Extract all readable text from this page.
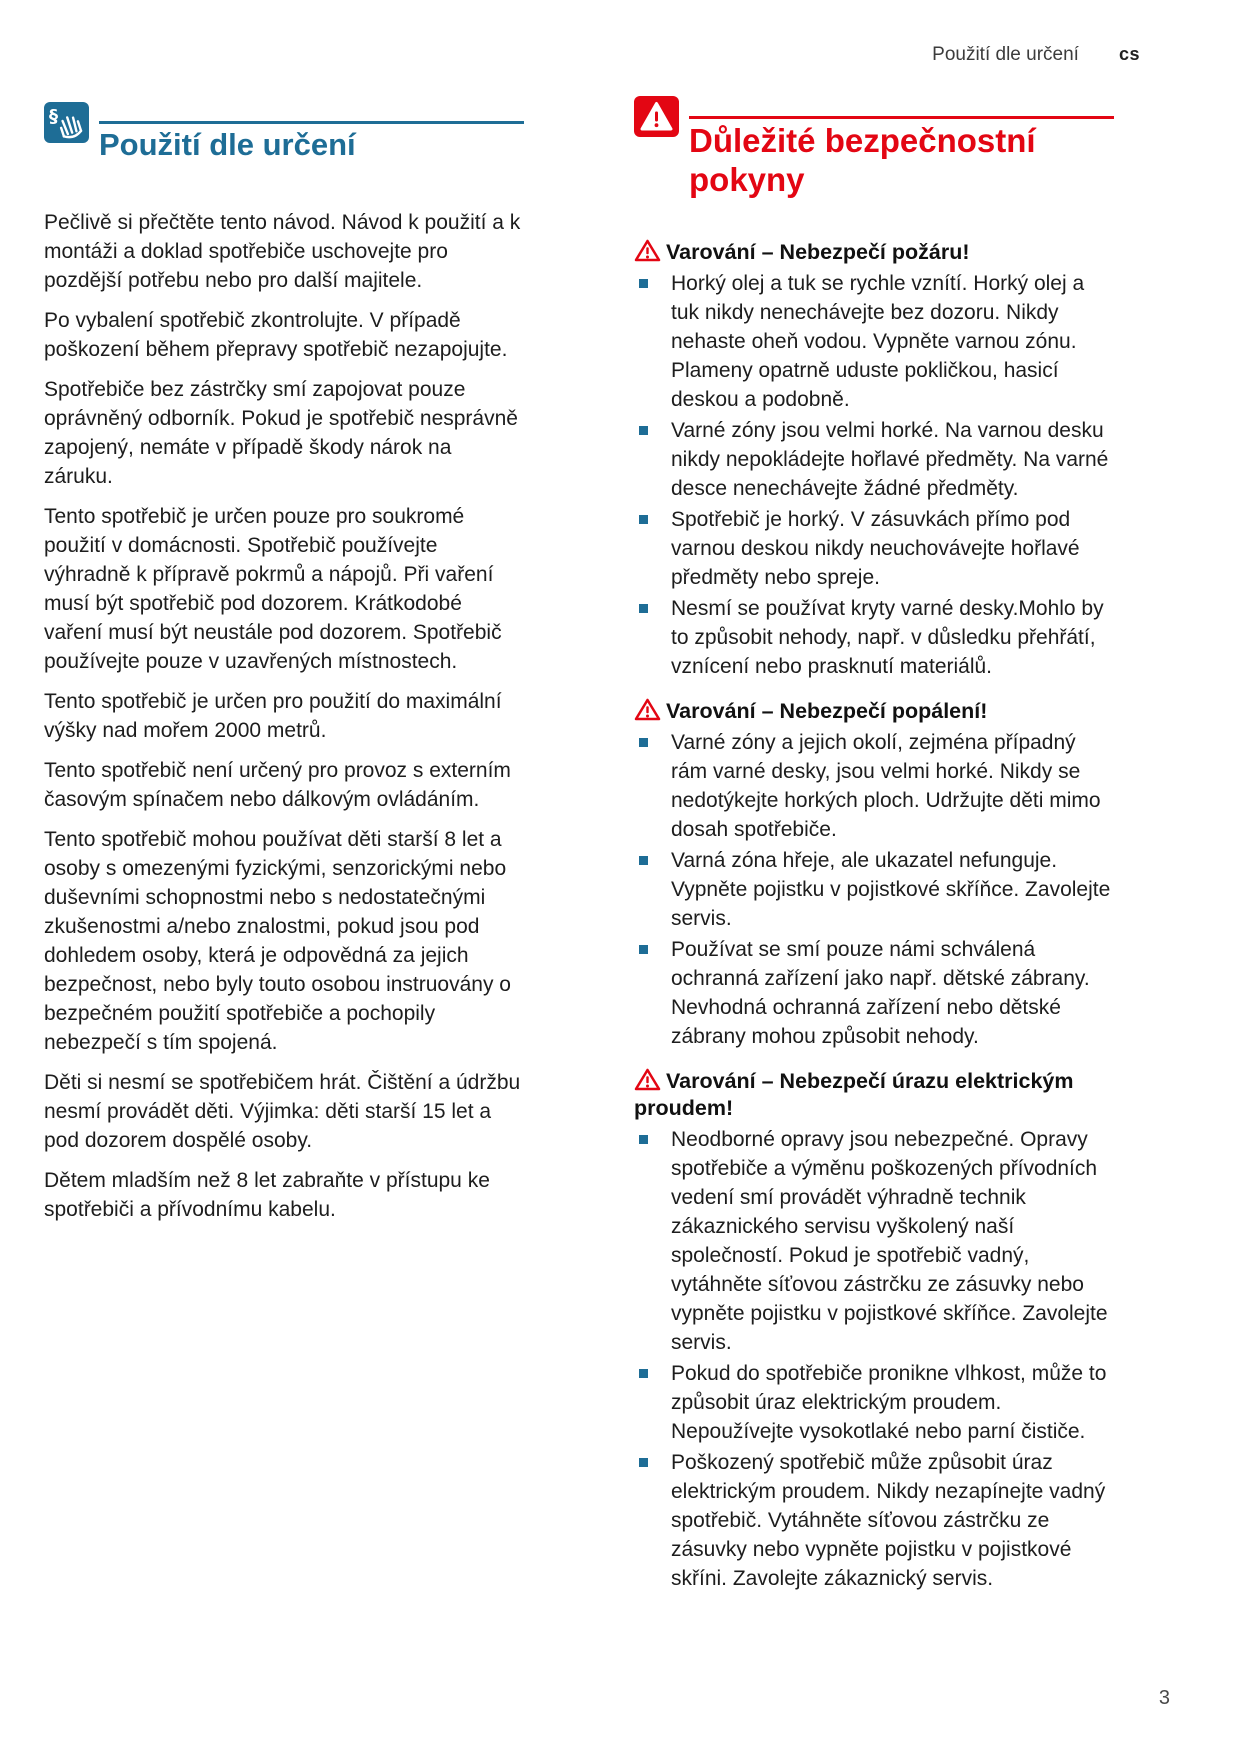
Použití dle určení cs
§
Použití dle určení

Pečlivě si přečtěte tento návod. Návod k použití a k montáži a doklad spotřebiče uschovejte pro pozdější potřebu nebo pro další majitele.

Po vybalení spotřebič zkontrolujte. V případě poškození během přepravy spotřebič nezapojujte.

Spotřebiče bez zástrčky smí zapojovat pouze oprávněný odborník. Pokud je spotřebič nesprávně zapojený, nemáte v případě škody nárok na záruku.

Tento spotřebič je určen pouze pro soukromé použití v domácnosti. Spotřebič používejte výhradně k přípravě pokrmů a nápojů. Při vaření musí být spotřebič pod dozorem. Krátkodobé vaření musí být neustále pod dozorem. Spotřebič používejte pouze v uzavřených místnostech.

Tento spotřebič je určen pro použití do maximální výšky nad mořem 2000 metrů.

Tento spotřebič není určený pro provoz s externím časovým spínačem nebo dálkovým ovládáním.

Tento spotřebič mohou používat děti starší 8 let a osoby s omezenými fyzickými, senzorickými nebo duševními schopnostmi nebo s nedostatečnými zkušenostmi a/nebo znalostmi, pokud jsou pod dohledem osoby, která je odpovědná za jejich bezpečnost, nebo byly touto osobou instruovány o bezpečném použití spotřebiče a pochopily nebezpečí s tím spojená.

Děti si nesmí se spotřebičem hrát. Čištění a údržbu nesmí provádět děti. Výjimka: děti starší 15 let a pod dozorem dospělé osoby.

Dětem mladším než 8 let zabraňte v přístupu ke spotřebiči a přívodnímu kabelu.

Důležité bezpečnostní pokyny
Varování – Nebezpečí požáru!
Horký olej a tuk se rychle vznítí. Horký olej a tuk nikdy nenechávejte bez dozoru. Nikdy nehaste oheň vodou. Vypněte varnou zónu. Plameny opatrně uduste pokličkou, hasicí deskou a podobně.
Varné zóny jsou velmi horké. Na varnou desku nikdy nepokládejte hořlavé předměty. Na varné desce nenechávejte žádné předměty.
Spotřebič je horký. V zásuvkách přímo pod varnou deskou nikdy neuchovávejte hořlavé předměty nebo spreje.
Nesmí se používat kryty varné desky.Mohlo by to způsobit nehody, např. v důsledku přehřátí, vznícení nebo prasknutí materiálů.
Varování – Nebezpečí popálení!
Varné zóny a jejich okolí, zejména případný rám varné desky, jsou velmi horké. Nikdy se nedotýkejte horkých ploch. Udržujte děti mimo dosah spotřebiče.
Varná zóna hřeje, ale ukazatel nefunguje. Vypněte pojistku v pojistkové skříňce. Zavolejte servis.
Používat se smí pouze námi schválená ochranná zařízení jako např. dětské zábrany. Nevhodná ochranná zařízení nebo dětské zábrany mohou způsobit nehody.
Varování – Nebezpečí úrazu elektrickým proudem!
Neodborné opravy jsou nebezpečné. Opravy spotřebiče a výměnu poškozených přívodních vedení smí provádět výhradně technik zákaznického servisu vyškolený naší společností. Pokud je spotřebič vadný, vytáhněte síťovou zástrčku ze zásuvky nebo vypněte pojistku v pojistkové skříňce. Zavolejte servis.
Pokud do spotřebiče pronikne vlhkost, může to způsobit úraz elektrickým proudem. Nepoužívejte vysokotlaké nebo parní čističe.
Poškozený spotřebič může způsobit úraz elektrickým proudem. Nikdy nezapínejte vadný spotřebič. Vytáhněte síťovou zástrčku ze zásuvky nebo vypněte pojistku v pojistkové skříni. Zavolejte zákaznický servis.
3
